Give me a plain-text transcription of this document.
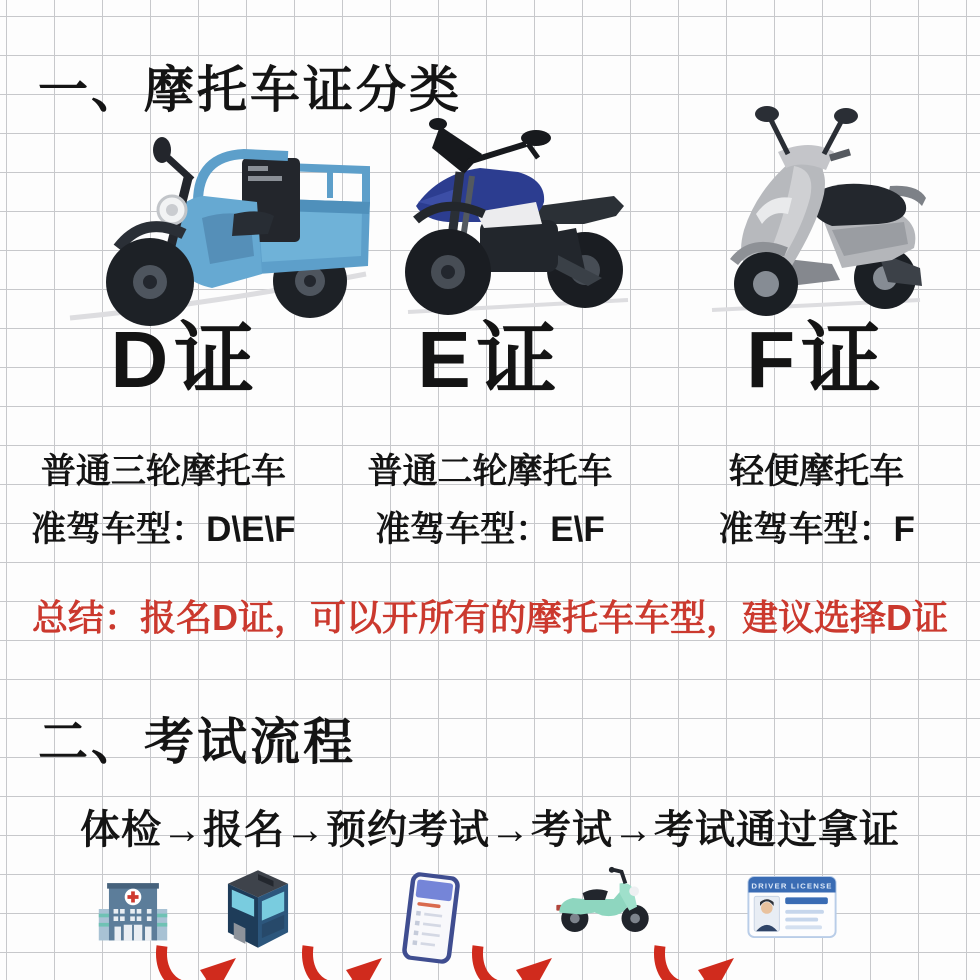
一、摩托车证分类
D证	E证	F证
普通三轮摩托车	普通二轮摩托车	轻便摩托车
准驾车型：D\E\F	准驾车型：E\F	准驾车型：F
总结：报名D证，可以开所有的摩托车车型，建议选择D证
二、考试流程
体检→报名→预约考试→考试→考试通过拿证
DRIVER LICENSE
